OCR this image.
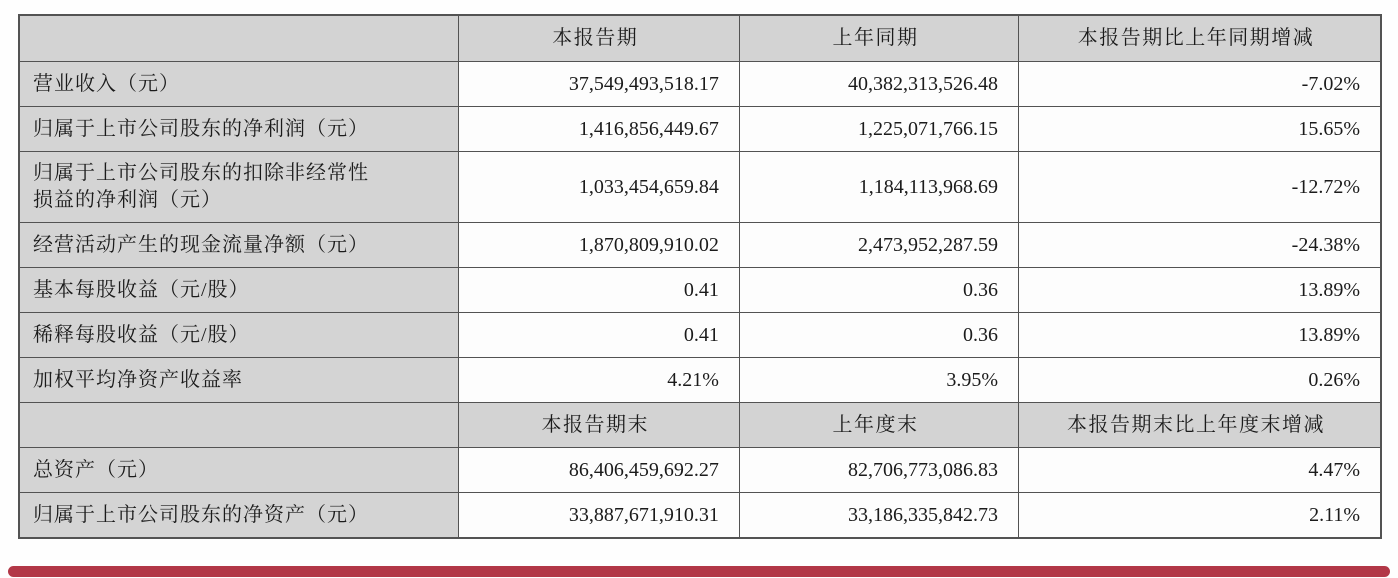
本报告期	上年同期	本报告期比上年同期增减
营业收入（元）	37,549,493,518.17	40,382,313,526.48	-7.02%
归属于上市公司股东的净利润（元）	1,416,856,449.67	1,225,071,766.15	15.65%
归属于上市公司股东的扣除非经常性
损益的净利润（元）
1,033,454,659.84	1,184,113,968.69	-12.72%
经营活动产生的现金流量净额（元）	1,870,809,910.02	2,473,952,287.59	-24.38%
基本每股收益（元/股）	0.41	0.36	13.89%
稀释每股收益（元/股）	0.41	0.36	13.89%
加权平均净资产收益率	4.21%	3.95%	0.26%
本报告期末	上年度末	本报告期末比上年度末增减
总资产（元）	86,406,459,692.27	82,706,773,086.83	4.47%
归属于上市公司股东的净资产（元）	33,887,671,910.31	33,186,335,842.73	2.11%
